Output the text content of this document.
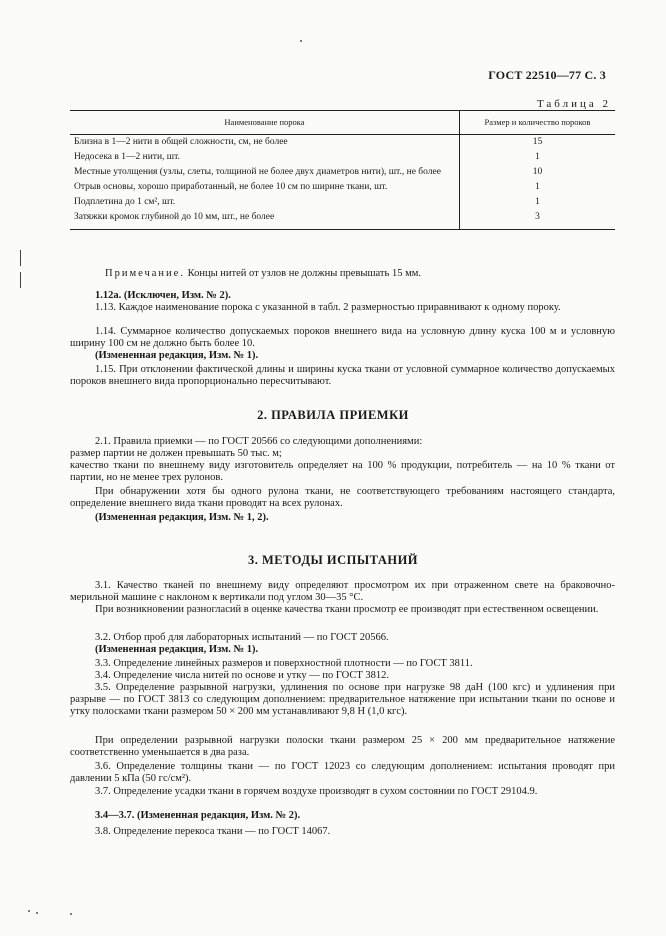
ГОСТ 22510—77 С. 3
Таблица 2
Наименование порока	Размер и количество пороков
Близна в 1—2 нити в общей сложности, см, не более	15
Недосека в 1—2 нити, шт.	1
Местные утолщения (узлы, слеты, толщиной не более двух диаметров нити), шт., не более	10
Отрыв основы, хорошо приработанный, не более 10 см по ширине ткани, шт.	1
Подплетина до 1 см², шт.	1
Затяжки кромок глубиной до 10 мм, шт., не более	3
Примечание. Концы нитей от узлов не должны превышать 15 мм.
1.12а. (Исключен, Изм. № 2).
1.13. Каждое наименование порока с указанной в табл. 2 размерностью приравнивают к одному пороку.
1.14. Суммарное количество допускаемых пороков внешнего вида на условную длину куска 100 м и условную ширину 100 см не должно быть более 10.
(Измененная редакция, Изм. № 1).
1.15. При отклонении фактической длины и ширины куска ткани от условной суммарное количество допускаемых пороков внешнего вида пропорционально пересчитывают.
2. ПРАВИЛА ПРИЕМКИ
2.1. Правила приемки — по ГОСТ 20566 со следующими дополнениями:
размер партии не должен превышать 50 тыс. м;
качество ткани по внешнему виду изготовитель определяет на 100 % продукции, потребитель — на 10 % ткани от партии, но не менее трех рулонов.
При обнаружении хотя бы одного рулона ткани, не соответствующего требованиям настоящего стандарта, определение внешнего вида ткани проводят на всех рулонах.
(Измененная редакция, Изм. № 1, 2).
3. МЕТОДЫ ИСПЫТАНИЙ
3.1. Качество тканей по внешнему виду определяют просмотром их при отраженном свете на браковочно-мерильной машине с наклоном к вертикали под углом 30—35 °С.
При возникновении разногласий в оценке качества ткани просмотр ее производят при естественном освещении.
3.2. Отбор проб для лабораторных испытаний — по ГОСТ 20566.
(Измененная редакция, Изм. № 1).
3.3. Определение линейных размеров и поверхностной плотности — по ГОСТ 3811.
3.4. Определение числа нитей по основе и утку — по ГОСТ 3812.
3.5. Определение разрывной нагрузки, удлинения по основе при нагрузке 98 даН (100 кгс) и удлинения при разрыве — по ГОСТ 3813 со следующим дополнением: предварительное натяжение при испытании ткани по основе и утку полосками ткани размером 50 × 200 мм устанавливают 9,8 Н (1,0 кгс).
При определении разрывной нагрузки полоски ткани размером 25 × 200 мм предварительное натяжение соответственно уменьшается в два раза.
3.6. Определение толщины ткани — по ГОСТ 12023 со следующим дополнением: испытания проводят при давлении 5 кПа (50 гс/см²).
3.7. Определение усадки ткани в горячем воздухе производят в сухом состоянии по ГОСТ 29104.9.
3.4—3.7. (Измененная редакция, Изм. № 2).
3.8. Определение перекоса ткани — по ГОСТ 14067.
